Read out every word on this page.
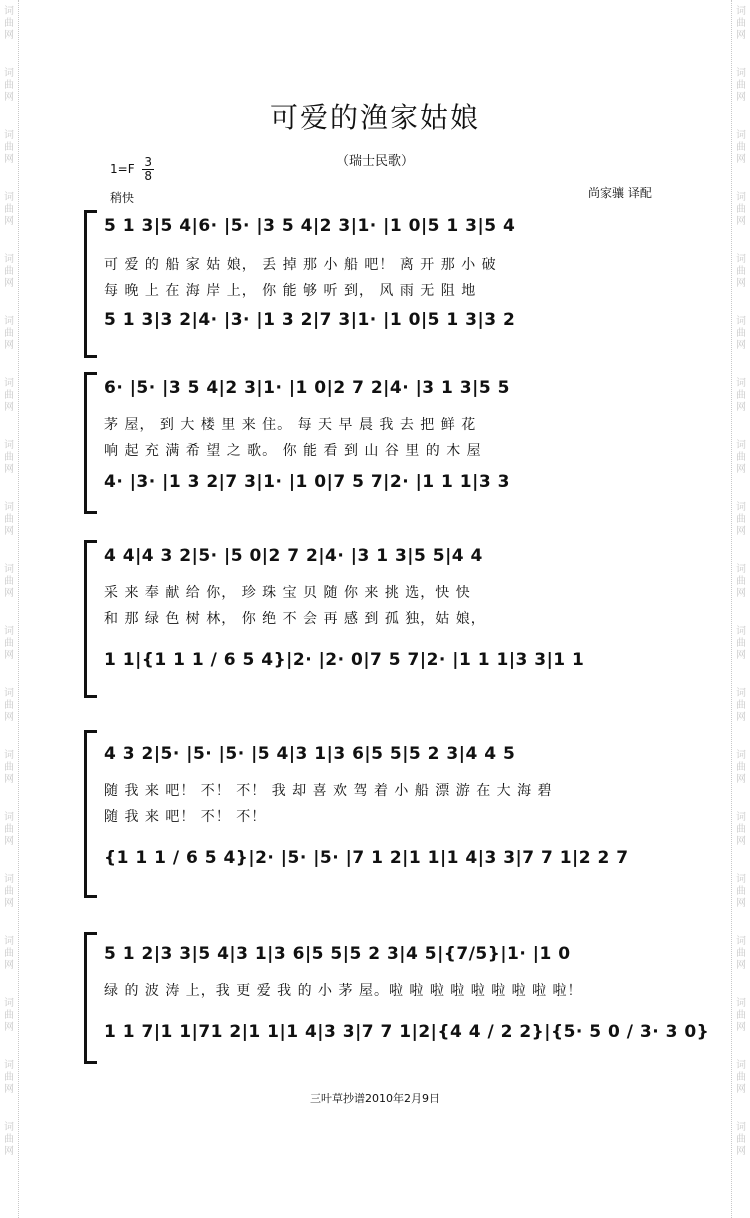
词
曲
网
词
曲
网
词
曲
网
词
曲
网
词
曲
网
词
曲
网
词
曲
网
词
曲
网
词
曲
网
词
曲
网
词
曲
网
词
曲
网
词
曲
网
词
曲
网
词
曲
网
词
曲
网
词
曲
网
词
曲
网
词
曲
网
词
曲
网
词
曲
网
词
曲
网
词
曲
网
词
曲
网
词
曲
网
词
曲
网
词
曲
网
词
曲
网
词
曲
网
词
曲
网
词
曲
网
词
曲
网
词
曲
网
词
曲
网
词
曲
网
词
曲
网
词
曲
网
词
曲
网
可爱的渔家姑娘
（瑞士民歌）
$1=F \frac{3}{8}$
稍快	尚家骧 译配
5 1 3|5 4|6· |5· |3 5 4|2 3|1· |1 0|5 1 3|5 4
可 爱 的 船 家 姑 娘， 丢 掉 那 小 船 吧！ 离 开 那 小 破
每 晚 上 在 海 岸 上， 你 能 够 听 到， 风 雨 无 阻 地
5 1 3|3 2|4· |3· |1 3 2|7 3|1· |1 0|5 1 3|3 2
6· |5· |3 5 4|2 3|1· |1 0|2 7 2|4· |3 1 3|5 5
茅 屋， 到 大 楼 里 来 住。 每 天 早 晨 我 去 把 鲜 花
响 起 充 满 希 望 之 歌。 你 能 看 到 山 谷 里 的 木 屋
4· |3· |1 3 2|7 3|1· |1 0|7 5 7|2· |1 1 1|3 3
4 4|4 3 2|5· |5 0|2 7 2|4· |3 1 3|5 5|4 4
采 来 奉 献 给 你， 珍 珠 宝 贝 随 你 来 挑 选，快 快
和 那 绿 色 树 林， 你 绝 不 会 再 感 到 孤 独，姑 娘，
1 1|{1 1 1 / 6 5 4}|2· |2· 0|7 5 7|2· |1 1 1|3 3|1 1
4 3 2|5· |5· |5· |5 4|3 1|3 6|5 5|5 2 3|4 4 5
随 我 来 吧！ 不！ 不！ 我 却 喜 欢 驾 着 小 船 漂 游 在 大 海 碧
随 我 来 吧！ 不！ 不！
{1 1 1 / 6 5 4}|2· |5· |5· |7 1 2|1 1|1 4|3 3|7 7 1|2 2 7
5 1 2|3 3|5 4|3 1|3 6|5 5|5 2 3|4 5|{7/5}|1· |1 0
绿 的 波 涛 上，我 更 爱 我 的 小 茅 屋。啦 啦 啦 啦 啦 啦 啦 啦 啦！
1 1 7|1 1|71 2|1 1|1 4|3 3|7 7 1|2|{4 4 / 2 2}|{5· 5 0 / 3· 3 0}
三叶草抄谱2010年2月9日
